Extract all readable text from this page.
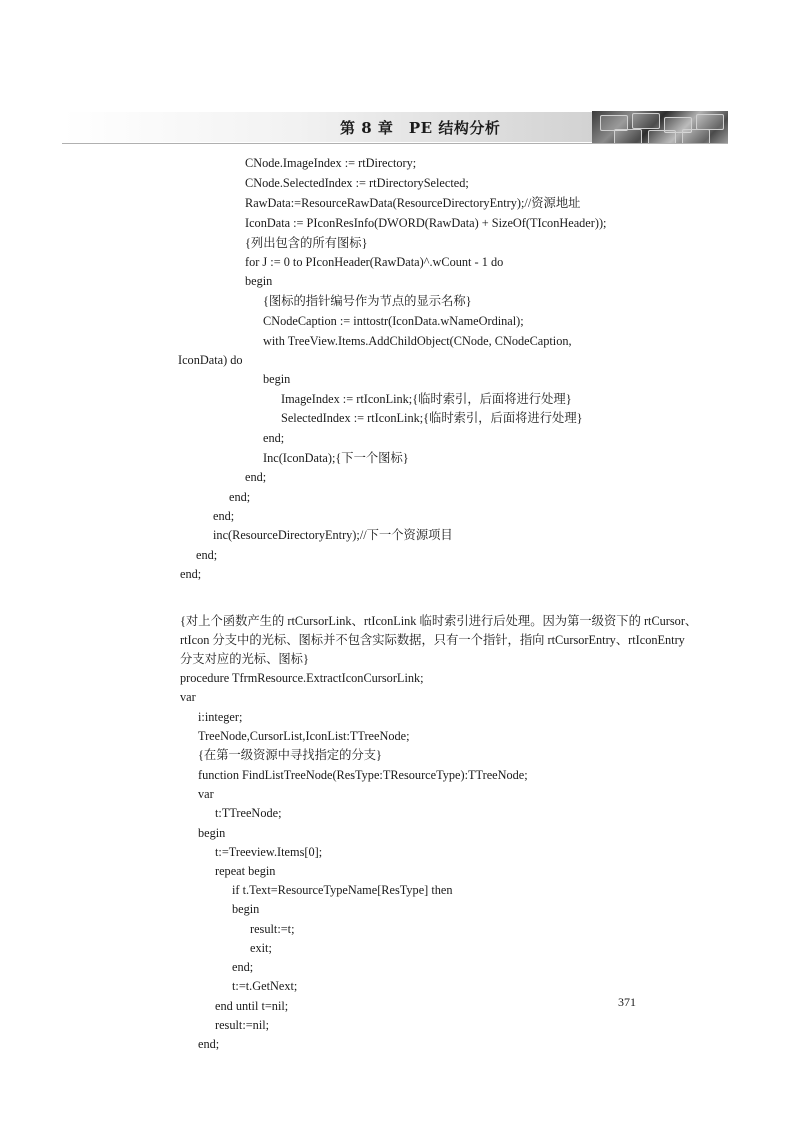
第 8 章　PE 结构分析
CNode.ImageIndex := rtDirectory;
CNode.SelectedIndex := rtDirectorySelected;
RawData:=ResourceRawData(ResourceDirectoryEntry);//资源地址
IconData := PIconResInfo(DWORD(RawData) + SizeOf(TIconHeader));
{列出包含的所有图标}
for J := 0 to PIconHeader(RawData)^.wCount - 1 do
begin
{图标的指针编号作为节点的显示名称}
CNodeCaption := inttostr(IconData.wNameOrdinal);
with TreeView.Items.AddChildObject(CNode, CNodeCaption,
IconData) do
begin
ImageIndex := rtIconLink;{临时索引，后面将进行处理}
SelectedIndex := rtIconLink;{临时索引，后面将进行处理}
end;
Inc(IconData);{下一个图标}
end;
end;
end;
inc(ResourceDirectoryEntry);//下一个资源项目
end;
end;
{对上个函数产生的 rtCursorLink、rtIconLink 临时索引进行后处理。因为第一级资下的 rtCursor、
rtIcon 分支中的光标、图标并不包含实际数据，只有一个指针，指向 rtCursorEntry、rtIconEntry
分支对应的光标、图标}
procedure TfrmResource.ExtractIconCursorLink;
var
i:integer;
TreeNode,CursorList,IconList:TTreeNode;
{在第一级资源中寻找指定的分支}
function FindListTreeNode(ResType:TResourceType):TTreeNode;
var
t:TTreeNode;
begin
t:=Treeview.Items[0];
repeat begin
if t.Text=ResourceTypeName[ResType] then
begin
result:=t;
exit;
end;
t:=t.GetNext;
end until t=nil;
result:=nil;
end;
371
